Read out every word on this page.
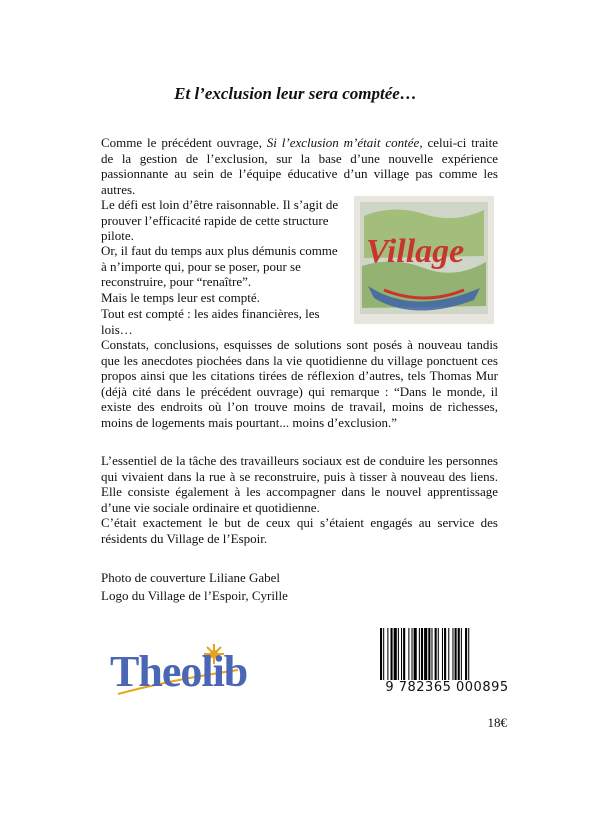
Et l’exclusion leur sera comptée…

Comme le précédent ouvrage, Si l’exclusion m’était contée, celui-ci traite de la gestion de l’exclusion, sur la base d’une nouvelle expérience passionnante au sein de l’équipe éducative d’un village pas comme les autres.

Le défi est loin d’être raisonnable. Il s’agit de prouver l’efficacité rapide de cette structure pilote.

Or, il faut du temps aux plus démunis comme à n’importe qui, pour se poser, pour se reconstruire, pour “renaître”.

Mais le temps leur est compté.

Tout est compté : les aides financières, les lois…

Village

Constats, conclusions, esquisses de solutions sont posés à nouveau tandis que les anecdotes piochées dans la vie quotidienne du village ponctuent ces propos ainsi que les citations tirées de réflexion d’autres, tels Thomas Mur (déjà cité dans le précédent ouvrage) qui remarque : “Dans le monde, il existe des endroits où l’on trouve moins de travail, moins de richesses, moins de logements mais pourtant... moins d’exclusion.”

L’essentiel de la tâche des travailleurs sociaux est de conduire les personnes qui vivaient dans la rue à se reconstruire, puis à tisser à nouveau des liens. Elle consiste également à les accompagner dans le nouvel apprentissage d’une vie sociale ordinaire et quotidienne.

C’était exactement le but de ceux qui s’étaient engagés au service des résidents du Village de l’Espoir.

Photo de couverture Liliane Gabel

Logo du Village de l’Espoir, Cyrille

Theolib	9 782365 000895

18€
